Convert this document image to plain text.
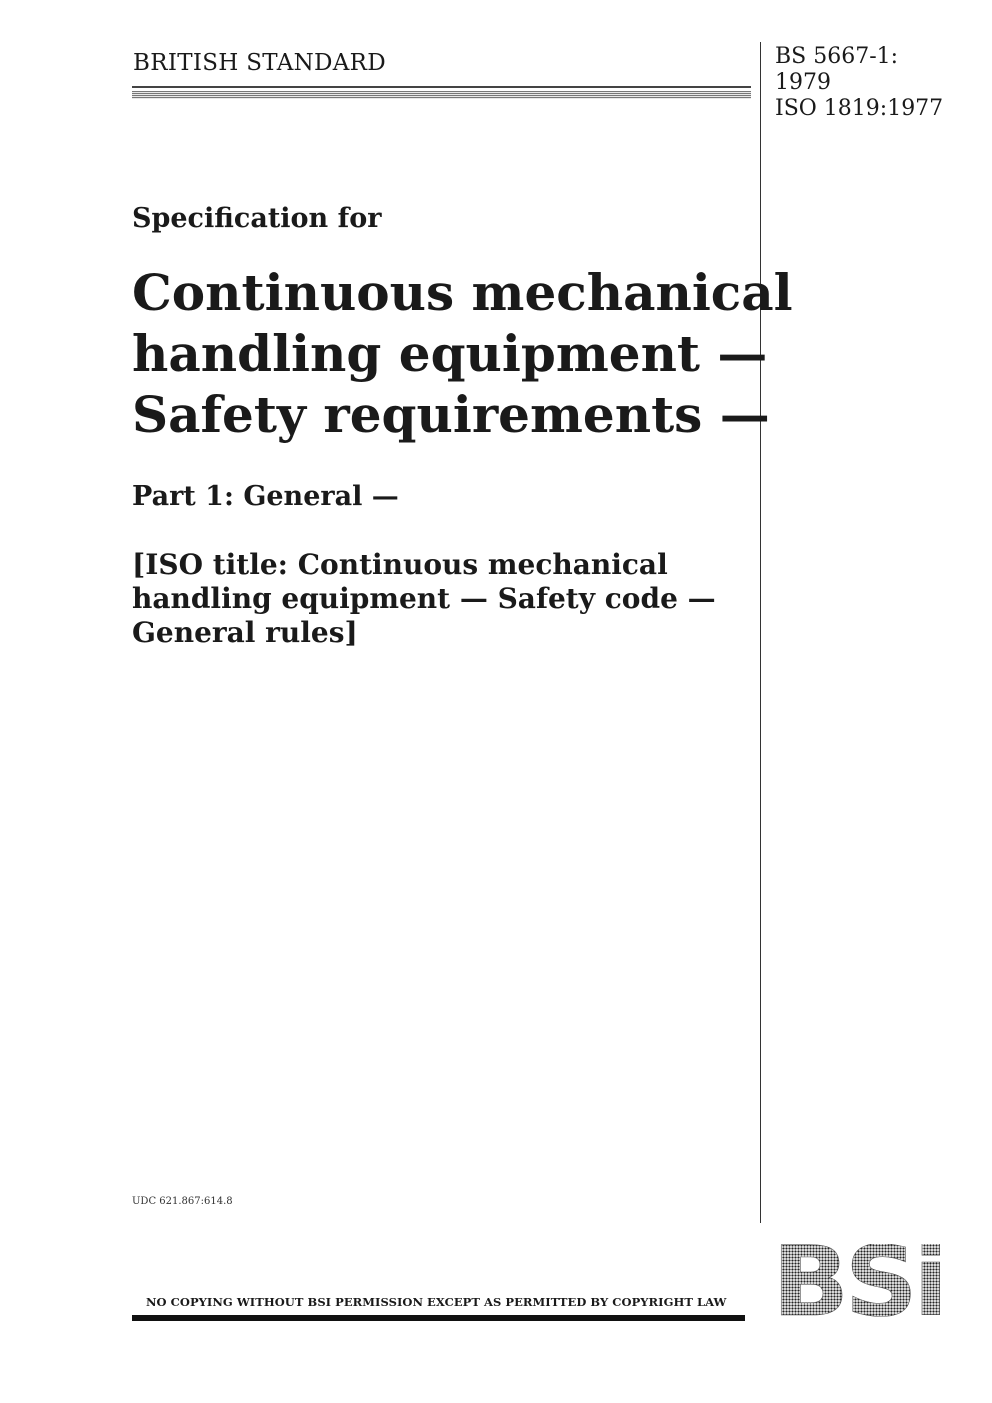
BRITISH STANDARD	BS 5667-1:
1979
ISO 1819:1977
Specification for
Continuous mechanical
handling equipment —
Safety requirements —
Part 1: General —
[ISO title: Continuous mechanical
handling equipment — Safety code —
General rules]
UDC 621.867:614.8
NO COPYING WITHOUT BSI PERMISSION EXCEPT AS PERMITTED BY COPYRIGHT LAW BSi
